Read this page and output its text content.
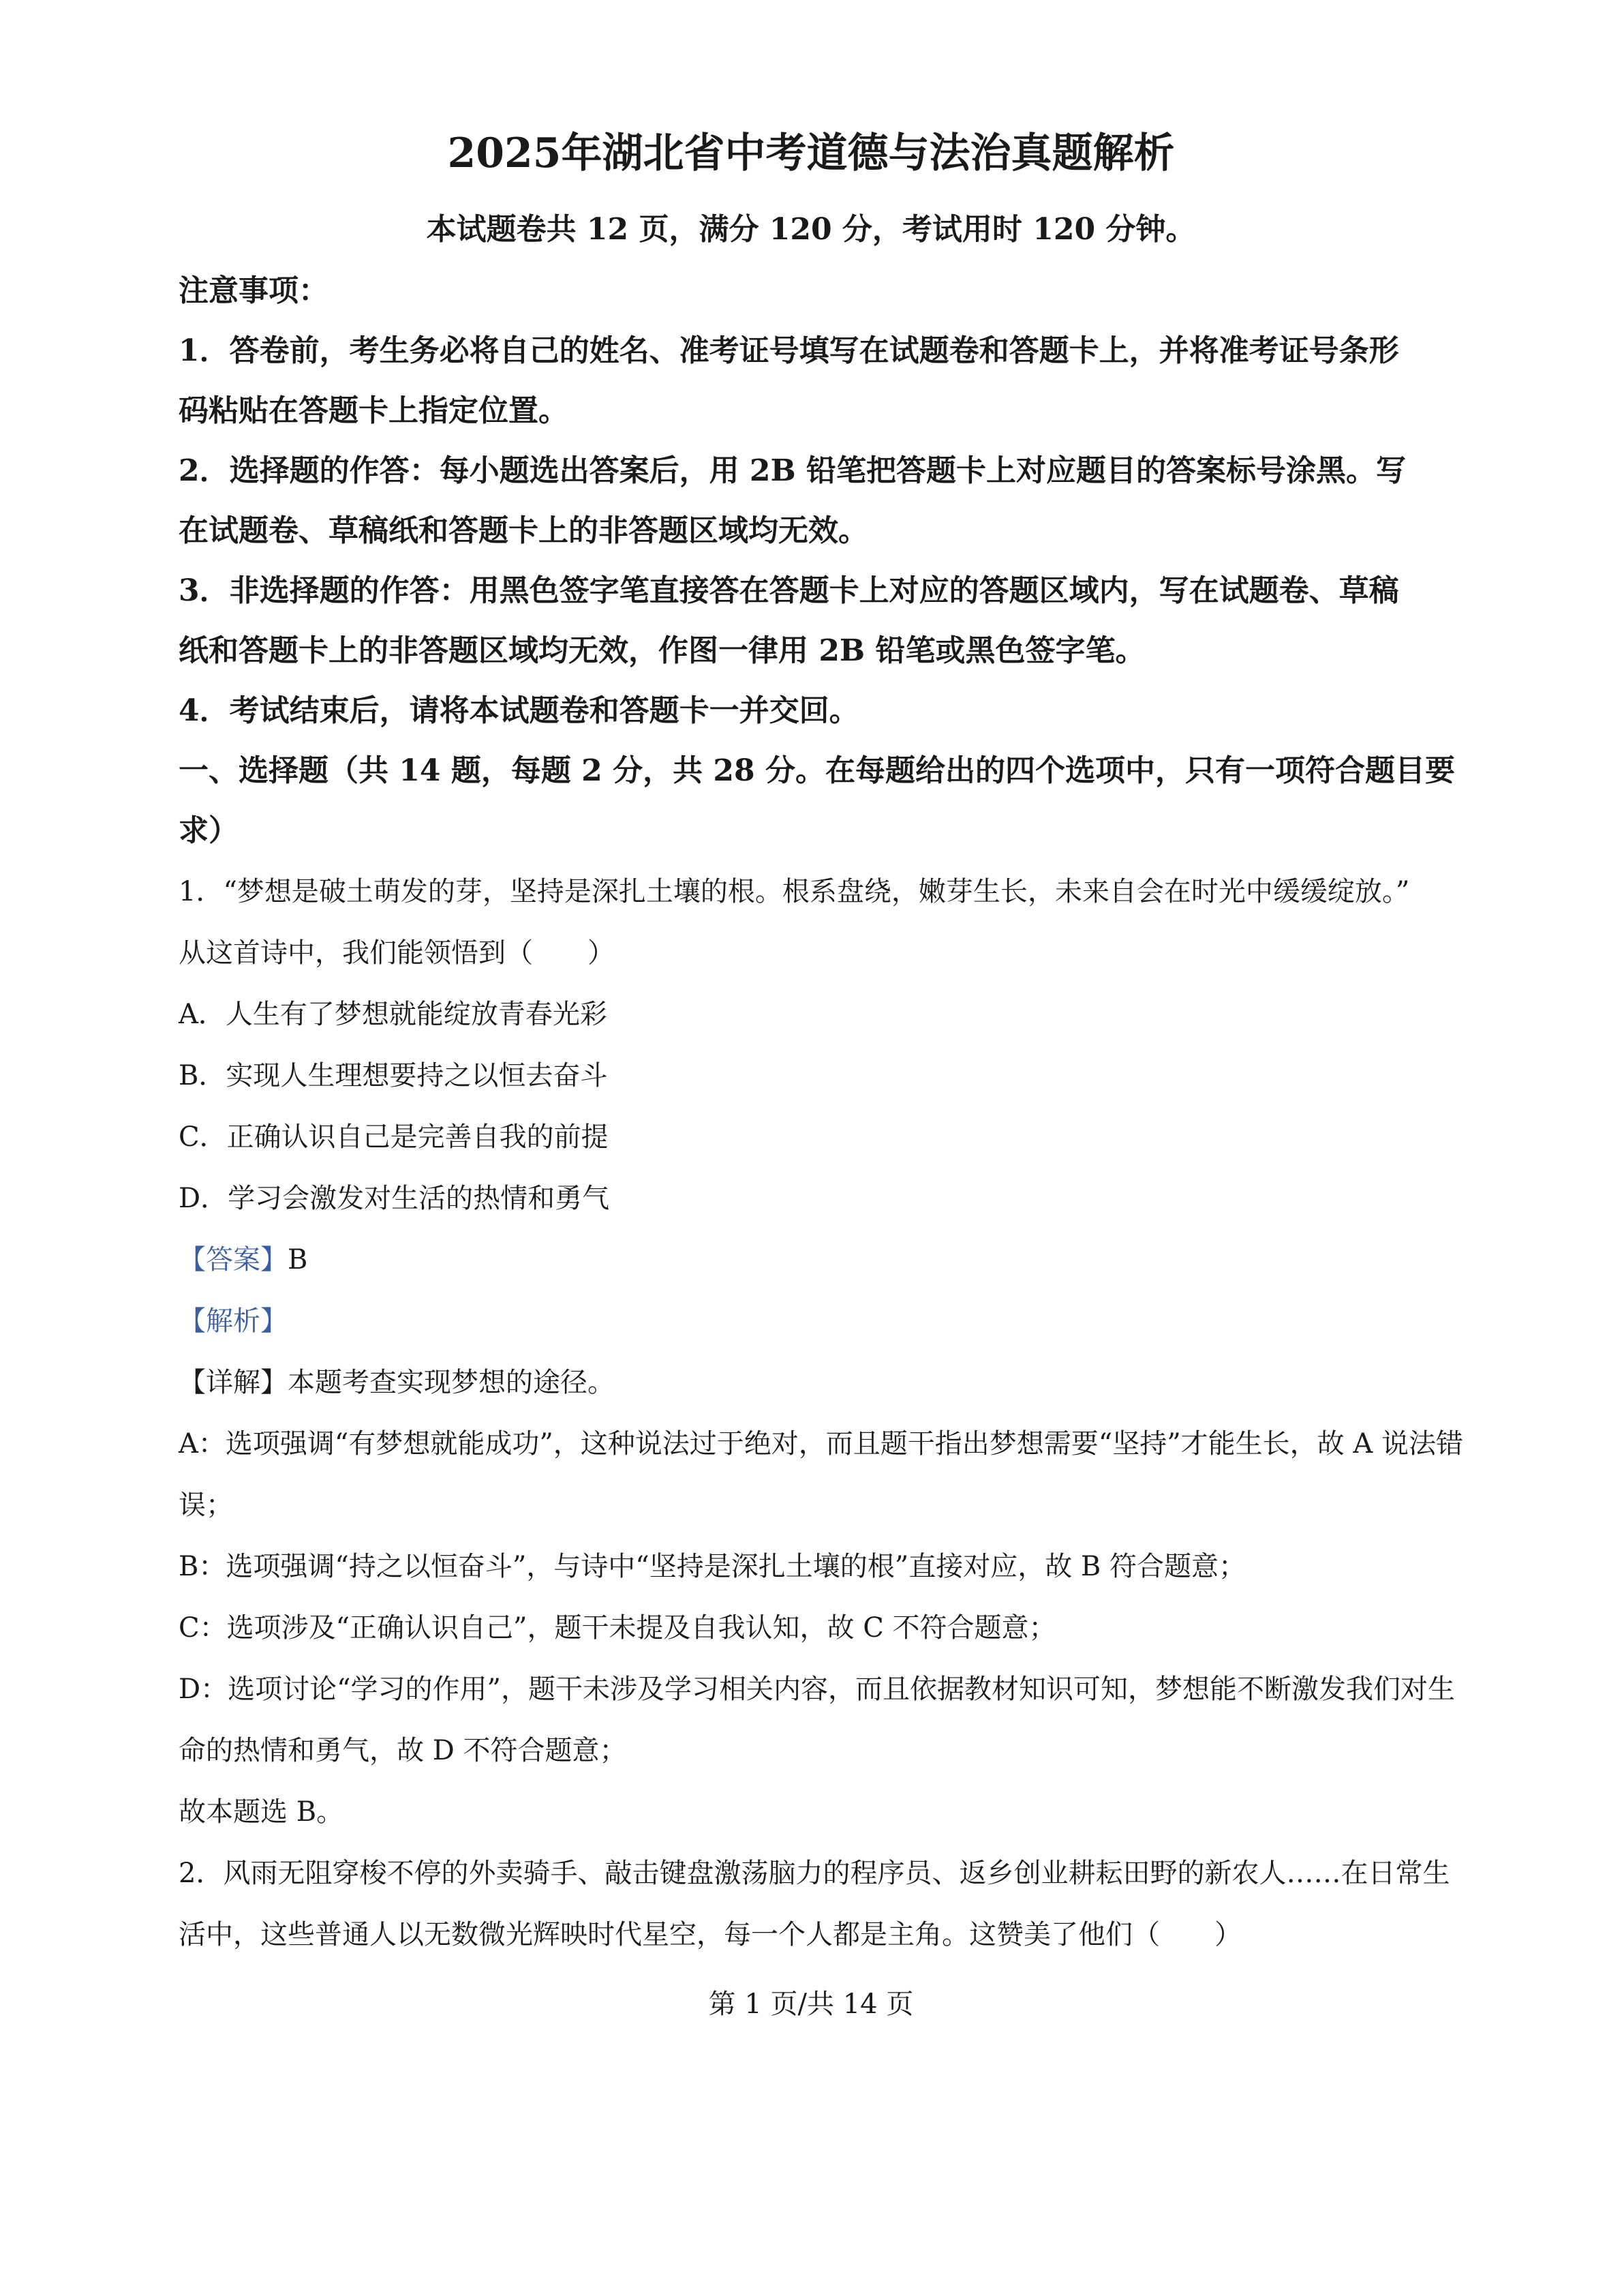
2025年湖北省中考道德与法治真题解析
本试题卷共 12 页，满分 120 分，考试用时 120 分钟。
注意事项：
1．答卷前，考生务必将自己的姓名、准考证号填写在试题卷和答题卡上，并将准考证号条形
码粘贴在答题卡上指定位置。
2．选择题的作答：每小题选出答案后，用 2B 铅笔把答题卡上对应题目的答案标号涂黑。写
在试题卷、草稿纸和答题卡上的非答题区域均无效。
3．非选择题的作答：用黑色签字笔直接答在答题卡上对应的答题区域内，写在试题卷、草稿
纸和答题卡上的非答题区域均无效，作图一律用 2B 铅笔或黑色签字笔。
4．考试结束后，请将本试题卷和答题卡一并交回。
一、选择题（共 14 题，每题 2 分，共 28 分。在每题给出的四个选项中，只有一项符合题目要
求）
1．“梦想是破土萌发的芽，坚持是深扎土壤的根。根系盘绕，嫩芽生长，未来自会在时光中缓缓绽放。”
从这首诗中，我们能领悟到（　　）
A．人生有了梦想就能绽放青春光彩
B．实现人生理想要持之以恒去奋斗
C．正确认识自己是完善自我的前提
D．学习会激发对生活的热情和勇气
【答案】B
【解析】
【详解】本题考查实现梦想的途径。
A：选项强调“有梦想就能成功”，这种说法过于绝对，而且题干指出梦想需要“坚持”才能生长，故 A 说法错
误；
B：选项强调“持之以恒奋斗”，与诗中“坚持是深扎土壤的根”直接对应，故 B 符合题意；
C：选项涉及“正确认识自己”，题干未提及自我认知，故 C 不符合题意；
D：选项讨论“学习的作用”，题干未涉及学习相关内容，而且依据教材知识可知，梦想能不断激发我们对生
命的热情和勇气，故 D 不符合题意；
故本题选 B。
2．风雨无阻穿梭不停的外卖骑手、敲击键盘激荡脑力的程序员、返乡创业耕耘田野的新农人……在日常生
活中，这些普通人以无数微光辉映时代星空，每一个人都是主角。这赞美了他们（　　）
第 1 页/共 14 页
